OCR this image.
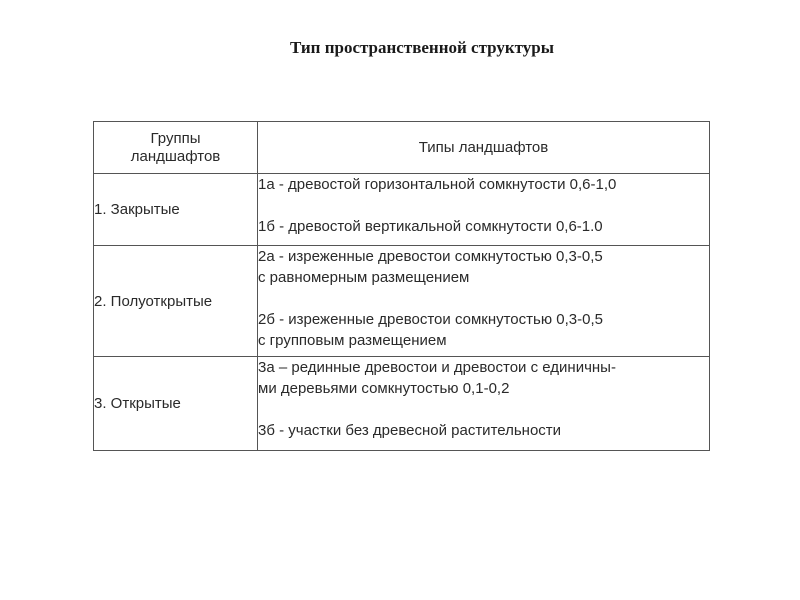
Тип пространственной структуры
Группы
ландшафтов	Типы ландшафтов
1. Закрытые	1а - древостой горизонтальной сомкнутости 0,6-1,0
1б - древостой вертикальной сомкнутости 0,6-1.0

2. Полуоткрытые	2а - изреженные древостои сомкнутостью 0,3-0,5
с равномерным размещением
2б - изреженные древостои сомкнутостью 0,3-0,5
с групповым размещением

3. Открытые	3а – рединные древостои и древостои с единичны-
ми деревьями сомкнутостью 0,1-0,2
3б - участки без древесной растительности
